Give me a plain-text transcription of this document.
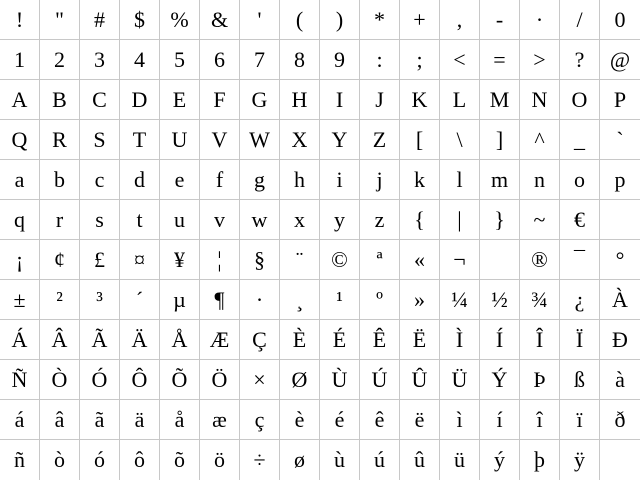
! " # $ % & ' ( ) * + , - · / 0
1 2 3 4 5 6 7 8 9 : ; < = > ? @
A B C D E F G H I J K L M N O P
Q R S T U V W X Y Z [ \ ] ^ _ `
a b c d e f g h i j k l m n o p
q r s t u v w x y z { | } ~ €
¡ ¢ £ ¤ ¥ ¦ § ¨ © ª « ¬	® ¯ °
± ² ³ ´ µ ¶ · ¸ ¹ º » ¼ ½ ¾ ¿ À
Á Â Ã Ä Å Æ Ç È É Ê Ë Ì Í Î Ï Ð
Ñ Ò Ó Ô Õ Ö × Ø Ù Ú Û Ü Ý Þ ß à
á â ã ä å æ ç è é ê ë ì í î ï ð
ñ ò ó ô õ ö ÷ ø ù ú û ü ý þ ÿ
